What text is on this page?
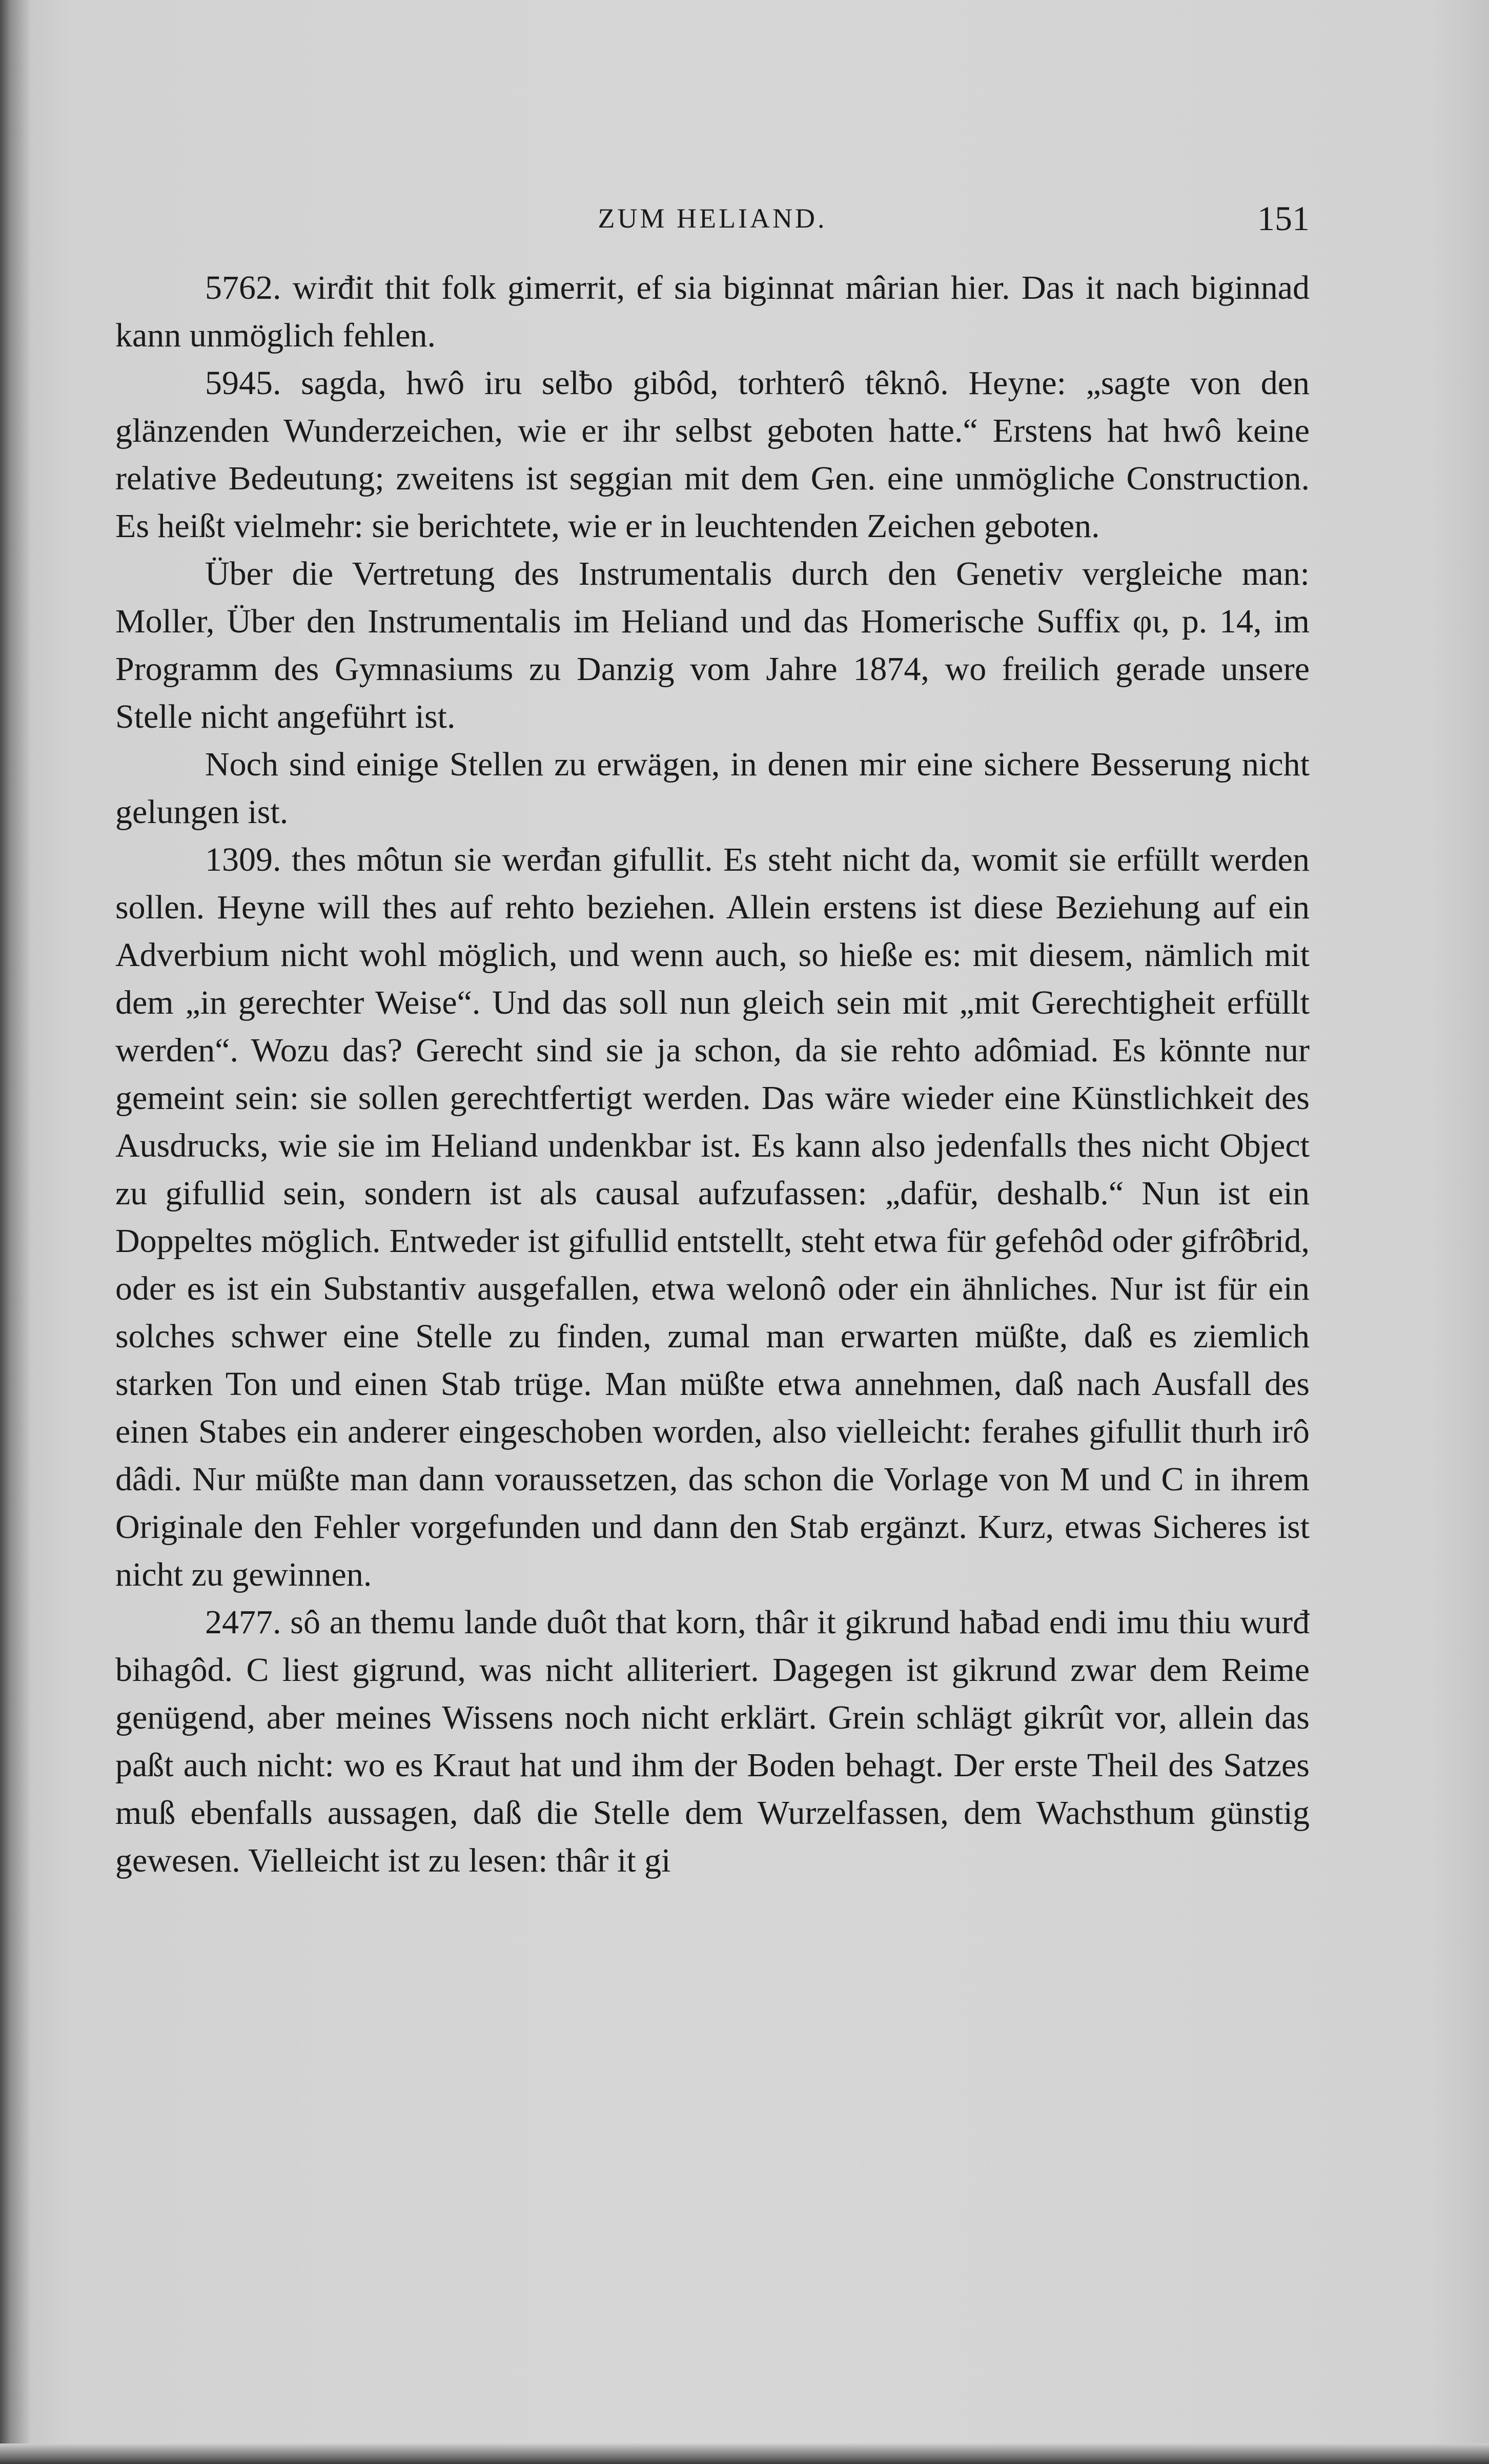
ZUM HELIAND.	151

5762. wirđit thit folk gimerrit, ef sia biginnat mârian hier. Das it nach biginnad kann unmöglich fehlen.

5945. sagda, hwô iru selƀo gibôd, torhterô têknô. Heyne: „sagte von den glänzenden Wunderzeichen, wie er ihr selbst geboten hatte.“ Erstens hat hwô keine relative Bedeutung; zweitens ist seggian mit dem Gen. eine unmögliche Construction. Es heißt vielmehr: sie berichtete, wie er in leuchtenden Zeichen geboten.

Über die Vertretung des Instrumentalis durch den Genetiv vergleiche man: Moller, Über den Instrumentalis im Heliand und das Homerische Suffix φι, p. 14, im Programm des Gymnasiums zu Danzig vom Jahre 1874, wo freilich gerade unsere Stelle nicht angeführt ist.

Noch sind einige Stellen zu erwägen, in denen mir eine sichere Besserung nicht gelungen ist.

1309. thes môtun sie werđan gifullit. Es steht nicht da, womit sie erfüllt werden sollen. Heyne will thes auf rehto beziehen. Allein erstens ist diese Beziehung auf ein Adverbium nicht wohl möglich, und wenn auch, so hieße es: mit diesem, nämlich mit dem „in gerechter Weise“. Und das soll nun gleich sein mit „mit Gerechtigheit erfüllt werden“. Wozu das? Gerecht sind sie ja schon, da sie rehto adômiad. Es könnte nur gemeint sein: sie sollen gerechtfertigt werden. Das wäre wieder eine Künstlichkeit des Ausdrucks, wie sie im Heliand undenkbar ist. Es kann also jedenfalls thes nicht Object zu gifullid sein, sondern ist als causal aufzufassen: „dafür, deshalb.“ Nun ist ein Doppeltes möglich. Entweder ist gifullid entstellt, steht etwa für gefehôd oder gifrôƀrid, oder es ist ein Substantiv ausgefallen, etwa welonô oder ein ähnliches. Nur ist für ein solches schwer eine Stelle zu finden, zumal man erwarten müßte, daß es ziemlich starken Ton und einen Stab trüge. Man müßte etwa annehmen, daß nach Ausfall des einen Stabes ein anderer eingeschoben worden, also vielleicht: ferahes gifullit thurh irô dâdi. Nur müßte man dann voraussetzen, das schon die Vorlage von M und C in ihrem Originale den Fehler vorgefunden und dann den Stab ergänzt. Kurz, etwas Sicheres ist nicht zu gewinnen.

2477. sô an themu lande duôt that korn, thâr it gikrund haƀad endi imu thiu wurđ bihagôd. C liest gigrund, was nicht alliteriert. Dagegen ist gikrund zwar dem Reime genügend, aber meines Wissens noch nicht erklärt. Grein schlägt gikrût vor, allein das paßt auch nicht: wo es Kraut hat und ihm der Boden behagt. Der erste Theil des Satzes muß ebenfalls aussagen, daß die Stelle dem Wurzelfassen, dem Wachsthum günstig gewesen. Vielleicht ist zu lesen: thâr it gi
